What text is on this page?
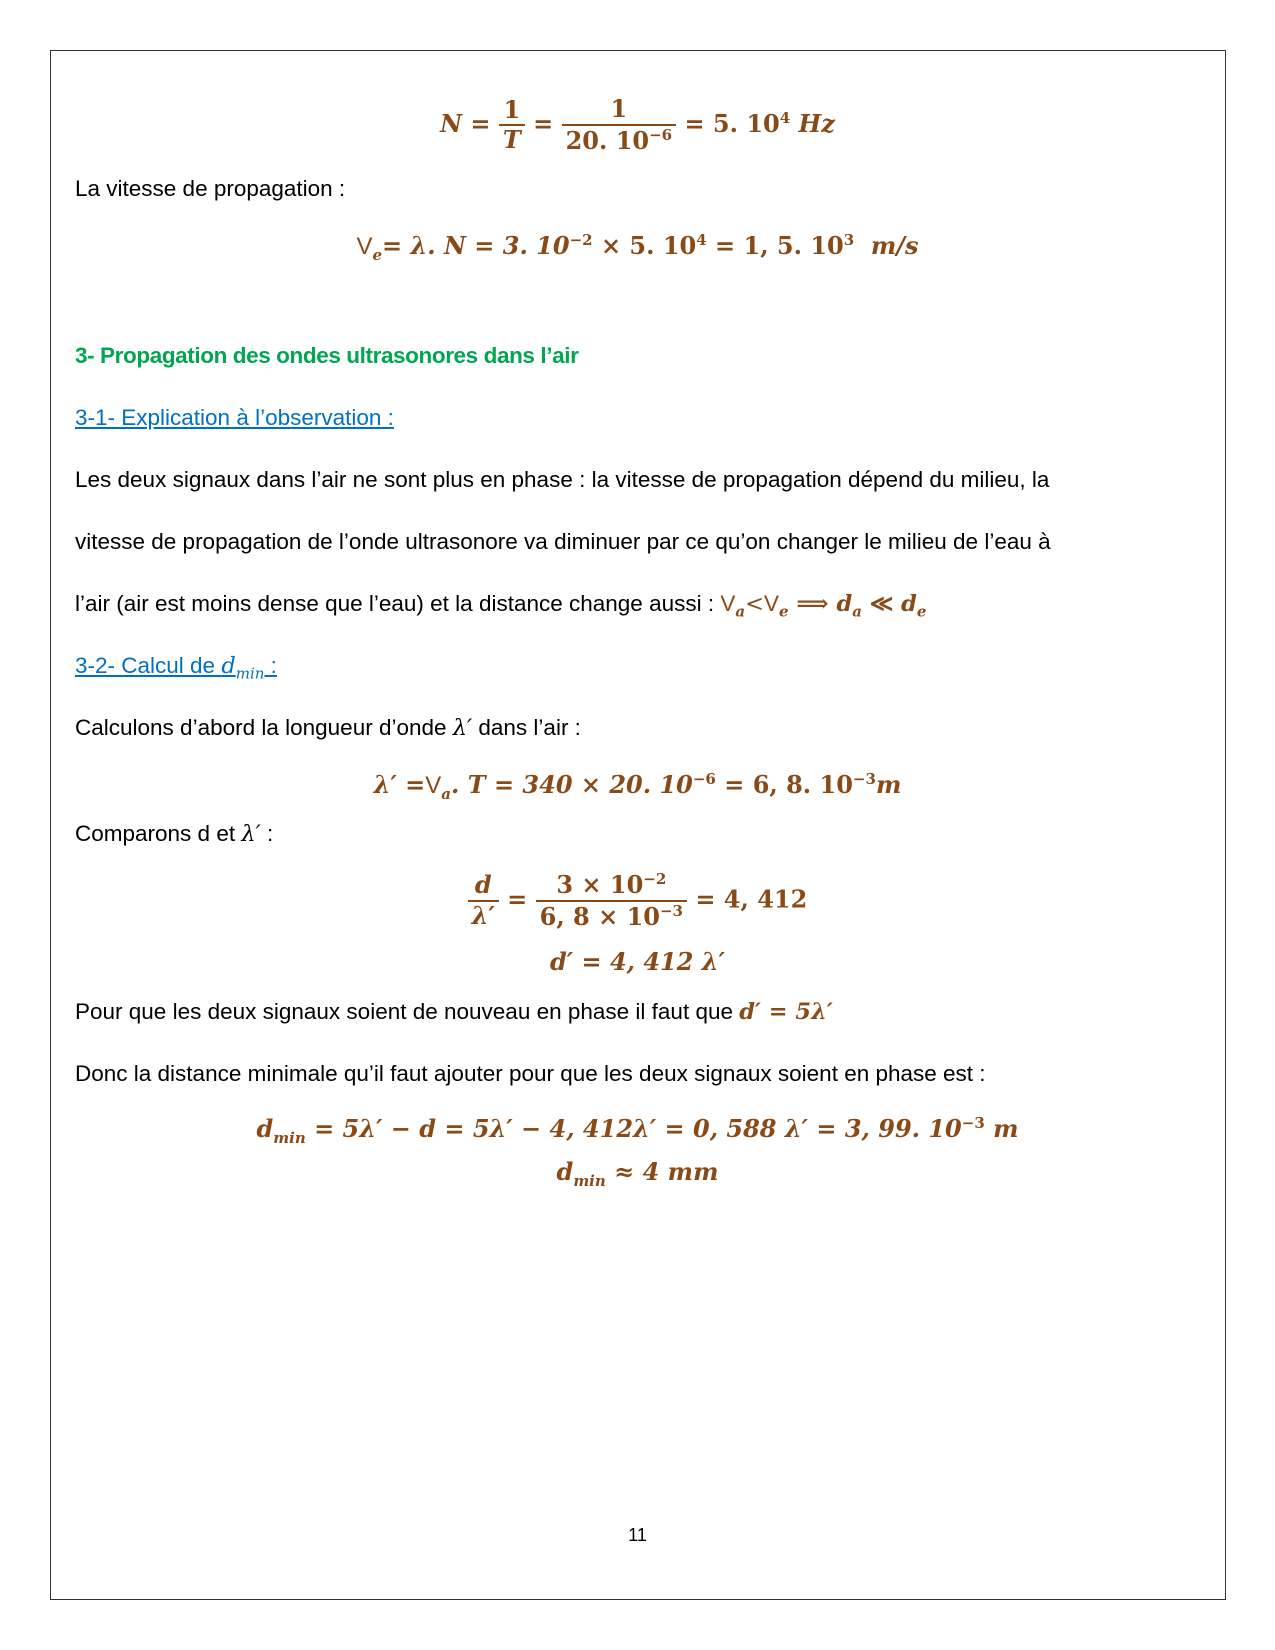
$N = \frac{1}{T} = \frac{1}{20. 10^{-6}} = 5$. $10^4$ Hz
La vitesse de propagation :
$V_e= \lambda$. N = 3. $10^{-2} \times 5$. $10^4 = 1$, 5. $10^3$ m/s
3- Propagation des ondes ultrasonores dans l’air
3-1- Explication à l’observation :
Les deux signaux dans l’air ne sont plus en phase : la vitesse de propagation dépend du milieu, la
vitesse de propagation de l’onde ultrasonore va diminuer par ce qu’on changer le milieu de l’eau à
l’air (air est moins dense que l’eau) et la distance change aussi : $V_a<V_e$ ⟹ $d_a$ ≪ $d_e$
3-2- Calcul de $d_{min}$ :
Calculons d’abord la longueur d’onde λ′ dans l’air :
$\lambda' =V_a$. T = 340 × 20. $10^{-6} = 6$, 8. $10^{-3}m$
Comparons d et λ′ :
$\frac{d}{\lambda'} = \frac{3 \times 10^{-2}}{6, 8 \times 10^{-3}} = 4$, 412
d′ = 4, 412 λ′
Pour que les deux signaux soient de nouveau en phase il faut que d′ = 5λ′
Donc la distance minimale qu’il faut ajouter pour que les deux signaux soient en phase est :
$d_{min} = 5\lambda' - d = 5\lambda' - 4$, 412λ′ = 0, 588 λ′ = 3, 99. $10^{-3}$ m
$d_{min} \approx 4$ mm
11
